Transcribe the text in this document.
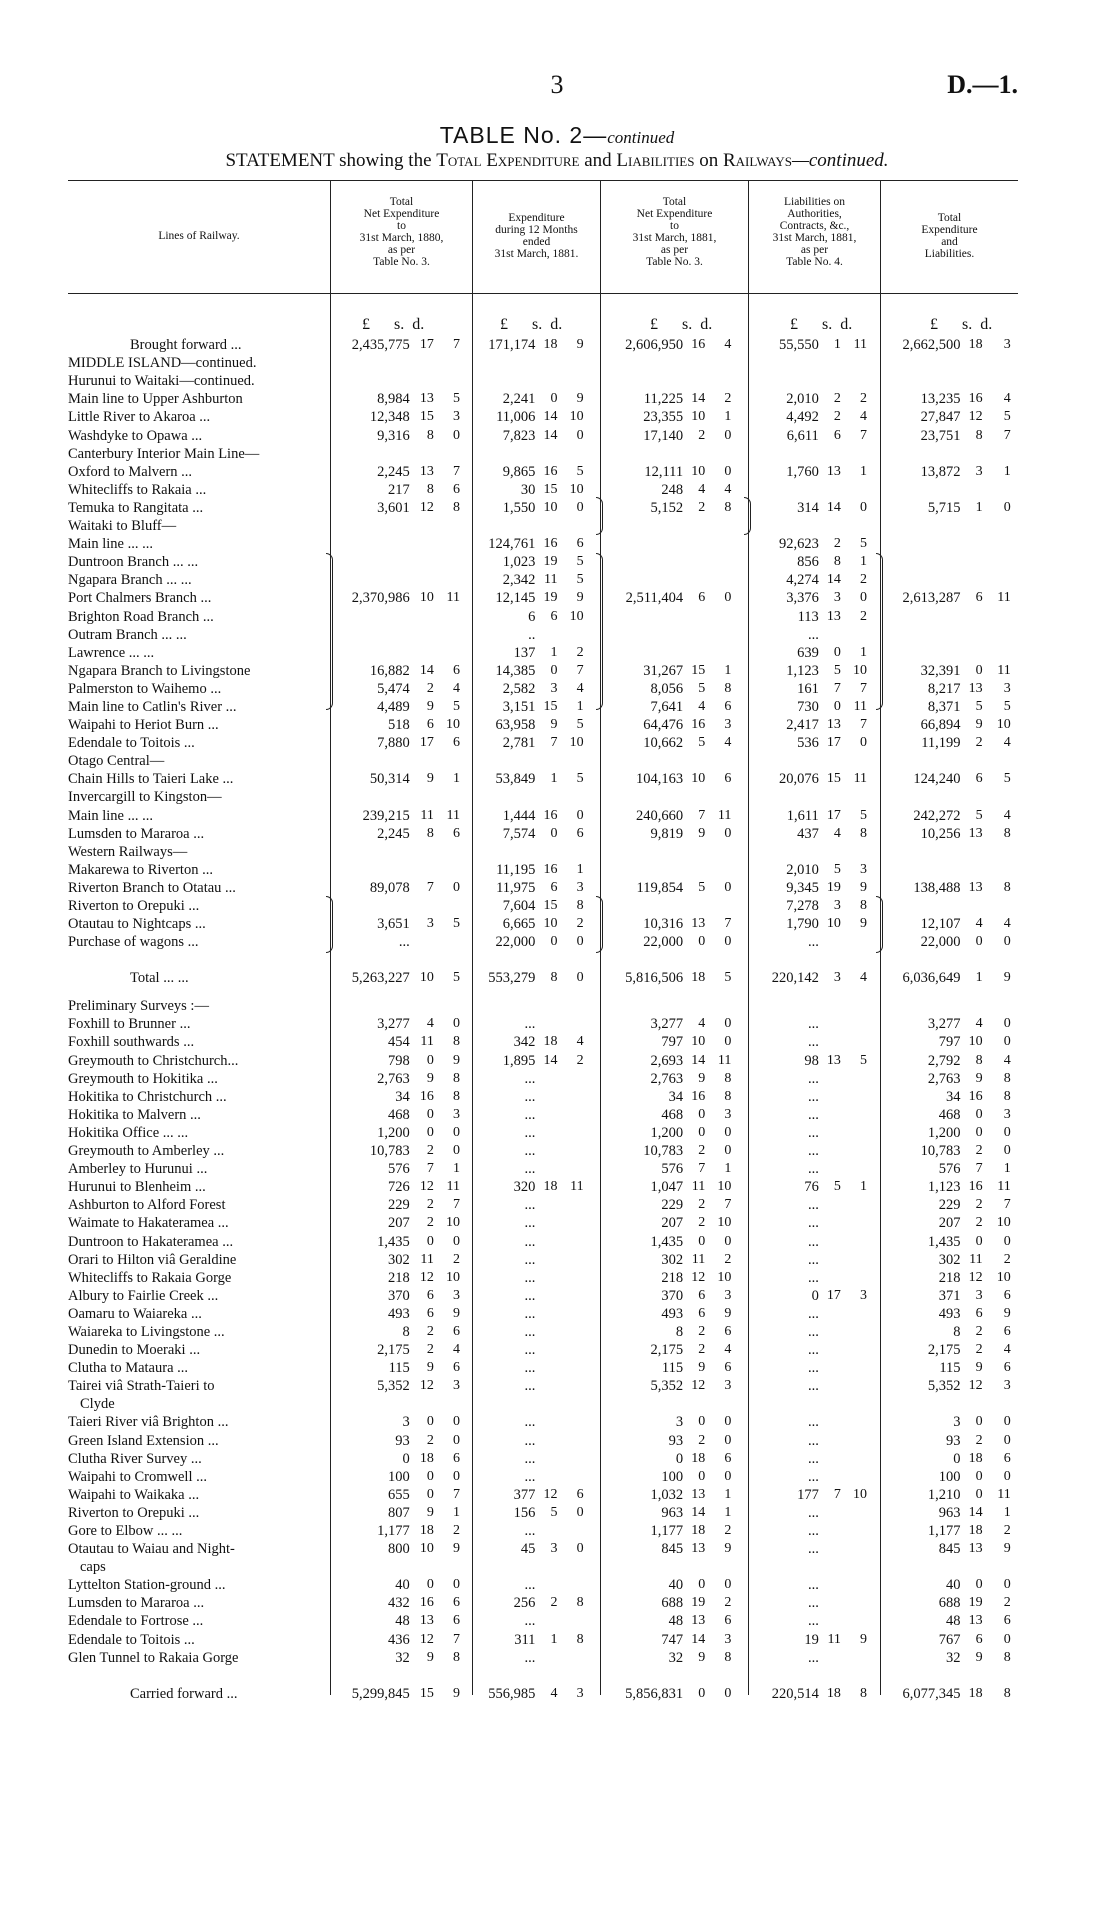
3	D.—1.
TABLE No. 2—continued
STATEMENT showing the Total Expenditure and Liabilities on Railways—continued.
Lines of Railway.
Total
Net Expenditure
to
31st March, 1880,
as per
Table No. 3.
Expenditure
during 12 Months
ended
31st March, 1881.
Total
Net Expenditure
to
31st March, 1881,
as per
Table No. 3.
Liabilities on
Authorities,
Contracts, &c.,
31st March, 1881,
as per
Table No. 4.
Total
Expenditure
and
Liabilities.
£      s.  d.	£      s.  d.	£      s.  d.	£      s.  d.	£      s.  d.
Brought forward ...	2,435,775	17	7		171,174	18	9		2,606,950	16	4		55,550	1	11		2,662,500	18	3	
MIDDLE ISLAND—continued.																				
Hurunui to Waitaki—continued.																				
Main line to Upper Ashburton	8,984	13	5		2,241	0	9		11,225	14	2		2,010	2	2		13,235	16	4	
Little River to Akaroa ...	12,348	15	3		11,006	14	10		23,355	10	1		4,492	2	4		27,847	12	5	
Washdyke to Opawa ...	9,316	8	0		7,823	14	0		17,140	2	0		6,611	6	7		23,751	8	7	
Canterbury Interior Main Line—																				
Oxford to Malvern ...	2,245	13	7		9,865	16	5		12,111	10	0		1,760	13	1		13,872	3	1	
Whitecliffs to Rakaia ...	217	8	6		30	15	10		248	4	4									
Temuka to Rangitata ...	3,601	12	8		1,550	10	0		5,152	2	8		314	14	0		5,715	1	0	
Waitaki to Bluff—																				
Main line ... ...					124,761	16	6						92,623	2	5					
Duntroon Branch ... ...					1,023	19	5						856	8	1					
Ngapara Branch ... ...					2,342	11	5						4,274	14	2					
Port Chalmers Branch ...	2,370,986	10	11		12,145	19	9		2,511,404	6	0		3,376	3	0		2,613,287	6	11	
Brighton Road Branch ...					6	6	10						113	13	2					
Outram Branch ... ...					..								...							
Lawrence ... ...					137	1	2						639	0	1					
Ngapara Branch to Livingstone	16,882	14	6		14,385	0	7		31,267	15	1		1,123	5	10		32,391	0	11	
Palmerston to Waihemo ...	5,474	2	4		2,582	3	4		8,056	5	8		161	7	7		8,217	13	3	
Main line to Catlin's River ...	4,489	9	5		3,151	15	1		7,641	4	6		730	0	11		8,371	5	5	
Waipahi to Heriot Burn ...	518	6	10		63,958	9	5		64,476	16	3		2,417	13	7		66,894	9	10	
Edendale to Toitois ...	7,880	17	6		2,781	7	10		10,662	5	4		536	17	0		11,199	2	4	
Otago Central—																				
Chain Hills to Taieri Lake ...	50,314	9	1		53,849	1	5		104,163	10	6		20,076	15	11		124,240	6	5	
Invercargill to Kingston—																				
Main line ... ...	239,215	11	11		1,444	16	0		240,660	7	11		1,611	17	5		242,272	5	4	
Lumsden to Mararoa ...	2,245	8	6		7,574	0	6		9,819	9	0		437	4	8		10,256	13	8	
Western Railways—																				
Makarewa to Riverton ...					11,195	16	1						2,010	5	3					
Riverton Branch to Otatau ...	89,078	7	0		11,975	6	3		119,854	5	0		9,345	19	9		138,488	13	8	
Riverton to Orepuki ...					7,604	15	8						7,278	3	8					
Otautau to Nightcaps ...	3,651	3	5		6,665	10	2		10,316	13	7		1,790	10	9		12,107	4	4	
Purchase of wagons ...	...				22,000	0	0		22,000	0	0		...				22,000	0	0	

Total ... ...	5,263,227	10	5		553,279	8	0		5,816,506	18	5		220,142	3	4		6,036,649	1	9	

Preliminary Surveys :—																				
Foxhill to Brunner ...	3,277	4	0		...				3,277	4	0		...				3,277	4	0	
Foxhill southwards ...	454	11	8		342	18	4		797	10	0		...				797	10	0	
Greymouth to Christchurch...	798	0	9		1,895	14	2		2,693	14	11		98	13	5		2,792	8	4	
Greymouth to Hokitika ...	2,763	9	8		...				2,763	9	8		...				2,763	9	8	
Hokitika to Christchurch ...	34	16	8		...				34	16	8		...				34	16	8	
Hokitika to Malvern ...	468	0	3		...				468	0	3		...				468	0	3	
Hokitika Office ... ...	1,200	0	0		...				1,200	0	0		...				1,200	0	0	
Greymouth to Amberley ...	10,783	2	0		...				10,783	2	0		...				10,783	2	0	
Amberley to Hurunui ...	576	7	1		...				576	7	1		...				576	7	1	
Hurunui to Blenheim ...	726	12	11		320	18	11		1,047	11	10		76	5	1		1,123	16	11	
Ashburton to Alford Forest	229	2	7		...				229	2	7		...				229	2	7	
Waimate to Hakateramea ...	207	2	10		...				207	2	10		...				207	2	10	
Duntroon to Hakateramea ...	1,435	0	0		...				1,435	0	0		...				1,435	0	0	
Orari to Hilton viâ Geraldine	302	11	2		...				302	11	2		...				302	11	2	
Whitecliffs to Rakaia Gorge	218	12	10		...				218	12	10		...				218	12	10	
Albury to Fairlie Creek ...	370	6	3		...				370	6	3		0	17	3		371	3	6	
Oamaru to Waiareka ...	493	6	9		...				493	6	9		...				493	6	9	
Waiareka to Livingstone ...	8	2	6		...				8	2	6		...				8	2	6	
Dunedin to Moeraki ...	2,175	2	4		...				2,175	2	4		...				2,175	2	4	
Clutha to Mataura ...	115	9	6		...				115	9	6		...				115	9	6	
Tairei viâ Strath-Taieri to	5,352	12	3		...				5,352	12	3		...				5,352	12	3	
Clyde																				
Taieri River viâ Brighton ...	3	0	0		...				3	0	0		...				3	0	0	
Green Island Extension ...	93	2	0		...				93	2	0		...				93	2	0	
Clutha River Survey ...	0	18	6		...				0	18	6		...				0	18	6	
Waipahi to Cromwell ...	100	0	0		...				100	0	0		...				100	0	0	
Waipahi to Waikaka ...	655	0	7		377	12	6		1,032	13	1		177	7	10		1,210	0	11	
Riverton to Orepuki ...	807	9	1		156	5	0		963	14	1		...				963	14	1	
Gore to Elbow ... ...	1,177	18	2		...				1,177	18	2		...				1,177	18	2	
Otautau to Waiau and Night-	800	10	9		45	3	0		845	13	9		...				845	13	9	
caps																				
Lyttelton Station-ground ...	40	0	0		...				40	0	0		...				40	0	0	
Lumsden to Mararoa ...	432	16	6		256	2	8		688	19	2		...				688	19	2	
Edendale to Fortrose ...	48	13	6		...				48	13	6		...				48	13	6	
Edendale to Toitois ...	436	12	7		311	1	8		747	14	3		19	11	9		767	6	0	
Glen Tunnel to Rakaia Gorge	32	9	8		...				32	9	8		...				32	9	8	

Carried forward ...	5,299,845	15	9		556,985	4	3		5,856,831	0	0		220,514	18	8		6,077,345	18	8	
